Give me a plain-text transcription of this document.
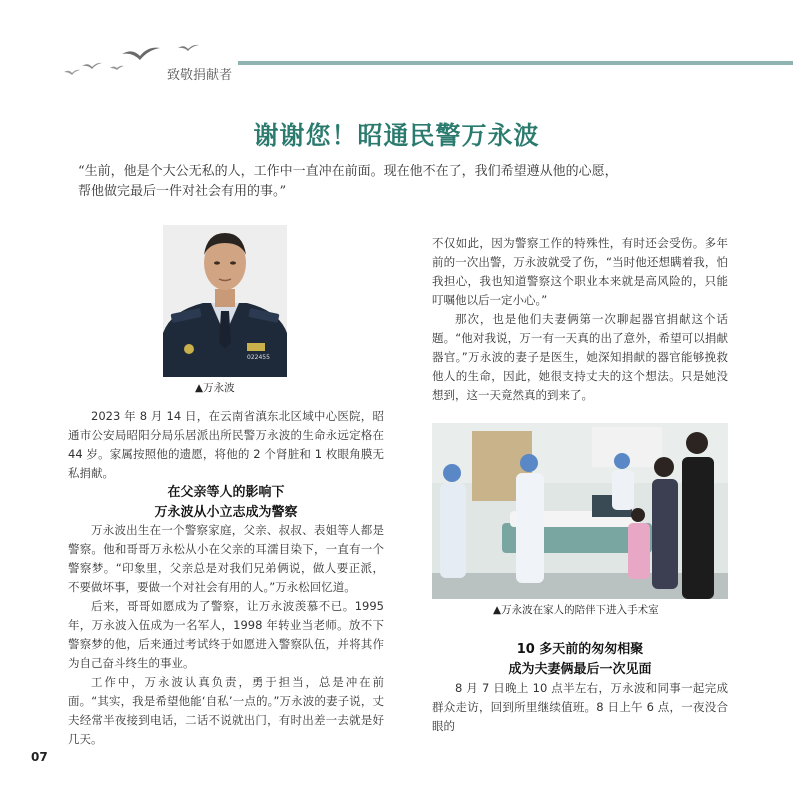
致敬捐献者
谢谢您！昭通民警万永波

“生前，他是个大公无私的人，工作中一直冲在前面。现在他不在了，我们希望遵从他的心愿，

帮他做完最后一件对社会有用的事。”

022455
▲万永波

2023 年 8 月 14 日，在云南省滇东北区域中心医院，昭通市公安局昭阳分局乐居派出所民警万永波的生命永远定格在 44 岁。家属按照他的遗愿，将他的 2 个肾脏和 1 枚眼角膜无私捐献。

在父亲等人的影响下
万永波从小立志成为警察

万永波出生在一个警察家庭，父亲、叔叔、表姐等人都是警察。他和哥哥万永松从小在父亲的耳濡目染下，一直有一个警察梦。“印象里，父亲总是对我们兄弟俩说，做人要正派，不要做坏事，要做一个对社会有用的人。”万永松回忆道。

后来，哥哥如愿成为了警察，让万永波羡慕不已。1995 年，万永波入伍成为一名军人，1998 年转业当老师。放不下警察梦的他，后来通过考试终于如愿进入警察队伍，并将其作为自己奋斗终生的事业。

工作中，万永波认真负责，勇于担当，总是冲在前面。“其实，我是希望他能‘自私’一点的。”万永波的妻子说，丈夫经常半夜接到电话，二话不说就出门，有时出差一去就是好几天。

不仅如此，因为警察工作的特殊性，有时还会受伤。多年前的一次出警，万永波就受了伤，“当时他还想瞒着我，怕我担心，我也知道警察这个职业本来就是高风险的，只能叮嘱他以后一定小心。”

那次，也是他们夫妻俩第一次聊起器官捐献这个话题。“他对我说，万一有一天真的出了意外，希望可以捐献器官。”万永波的妻子是医生，她深知捐献的器官能够挽救他人的生命，因此，她很支持丈夫的这个想法。只是她没想到，这一天竟然真的到来了。

▲万永波在家人的陪伴下进入手术室
10 多天前的匆匆相聚
成为夫妻俩最后一次见面

8 月 7 日晚上 10 点半左右，万永波和同事一起完成群众走访，回到所里继续值班。8 日上午 6 点，一夜没合眼的

07
